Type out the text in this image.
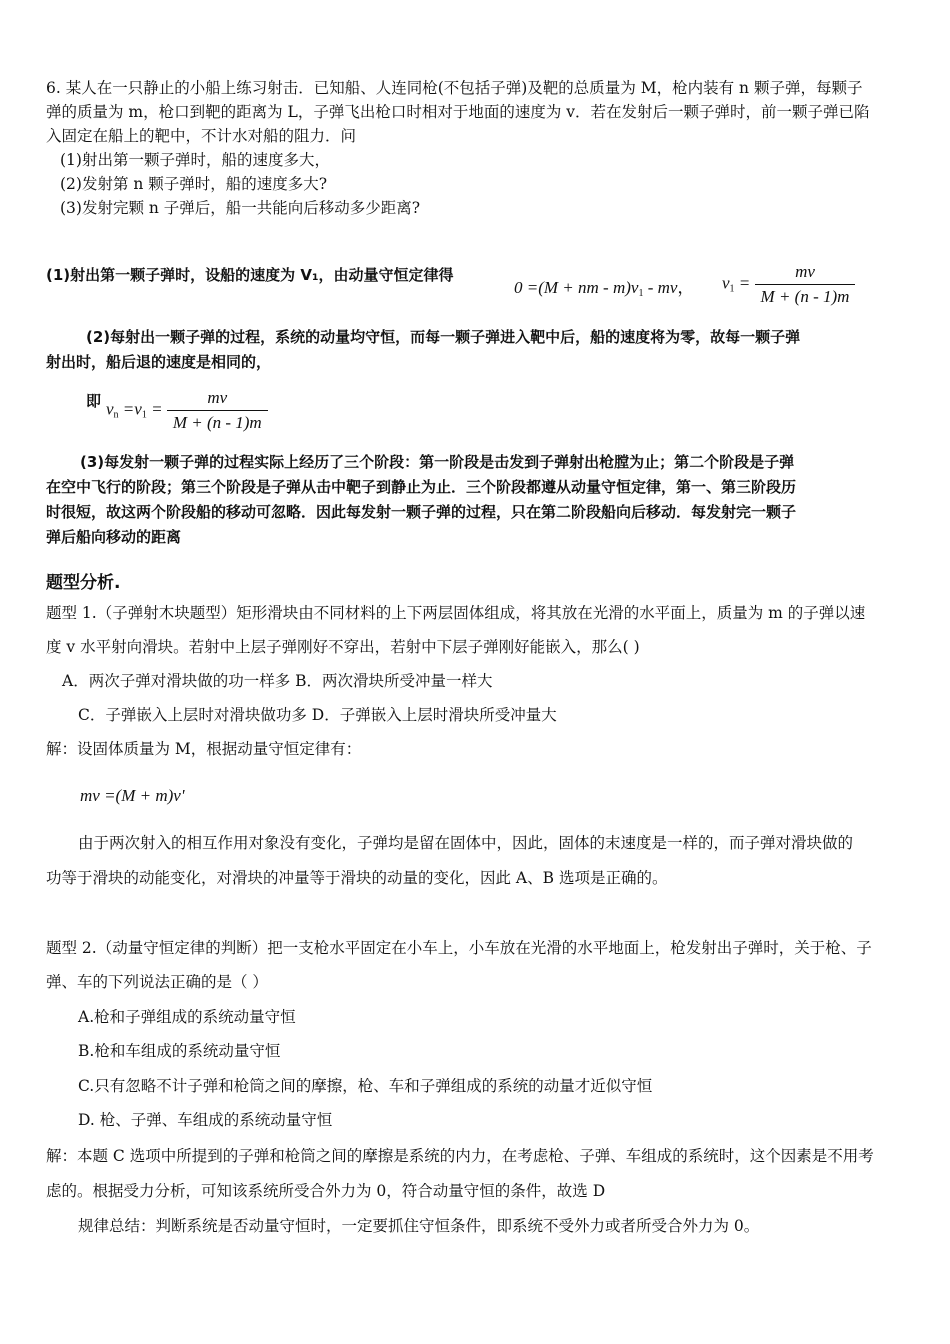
6. 某人在一只静止的小船上练习射击．已知船、人连同枪(不包括子弹)及靶的总质量为 M，枪内装有 n 颗子弹，每颗子
弹的质量为 m，枪口到靶的距离为 L，子弹飞出枪口时相对于地面的速度为 v．若在发射后一颗子弹时，前一颗子弹已陷
入固定在船上的靶中，不计水对船的阻力．问
(1)射出第一颗子弹时，船的速度多大，
(2)发射第 n 颗子弹时，船的速度多大?
(3)发射完颗 n 子弹后，船一共能向后移动多少距离?
(1)射出第一颗子弹时，设船的速度为 V₁，由动量守恒定律得
0 =(M + nm - $m)v_1$ - mv， $v_1 = \frac{mv}{M + (n - 1)m}$
(2)每射出一颗子弹的过程，系统的动量均守恒，而每一颗子弹进入靶中后，船的速度将为零，故每一颗子弹
射出时，船后退的速度是相同的，
即 $v_n =v_1 = \frac{mv}{M + (n - 1)m}$
(3)每发射一颗子弹的过程实际上经历了三个阶段：第一阶段是击发到子弹射出枪膛为止；第二个阶段是子弹
在空中飞行的阶段；第三个阶段是子弹从击中靶子到静止为止．三个阶段都遵从动量守恒定律，第一、第三阶段历
时很短，故这两个阶段船的移动可忽略．因此每发射一颗子弹的过程，只在第二阶段船向后移动．每发射完一颗子
弹后船向移动的距离
题型分析.
题型 1.（子弹射木块题型）矩形滑块由不同材料的上下两层固体组成，将其放在光滑的水平面上，质量为 m 的子弹以速
度 v 水平射向滑块。若射中上层子弹刚好不穿出，若射中下层子弹刚好能嵌入，那么( )
A．两次子弹对滑块做的功一样多 B．两次滑块所受冲量一样大
C．子弹嵌入上层时对滑块做功多 D．子弹嵌入上层时滑块所受冲量大
解：设固体质量为 M，根据动量守恒定律有：
mv =(M + m)v'
由于两次射入的相互作用对象没有变化，子弹均是留在固体中，因此，固体的末速度是一样的，而子弹对滑块做的
功等于滑块的动能变化，对滑块的冲量等于滑块的动量的变化，因此 A、B 选项是正确的。
题型 2.（动量守恒定律的判断）把一支枪水平固定在小车上，小车放在光滑的水平地面上，枪发射出子弹时，关于枪、子
弹、车的下列说法正确的是（ ）
A.枪和子弹组成的系统动量守恒
B.枪和车组成的系统动量守恒
C.只有忽略不计子弹和枪筒之间的摩擦，枪、车和子弹组成的系统的动量才近似守恒
D. 枪、子弹、车组成的系统动量守恒
解：本题 C 选项中所提到的子弹和枪筒之间的摩擦是系统的内力，在考虑枪、子弹、车组成的系统时，这个因素是不用考
虑的。根据受力分析，可知该系统所受合外力为 0，符合动量守恒的条件，故选 D
规律总结：判断系统是否动量守恒时，一定要抓住守恒条件，即系统不受外力或者所受合外力为 0。
